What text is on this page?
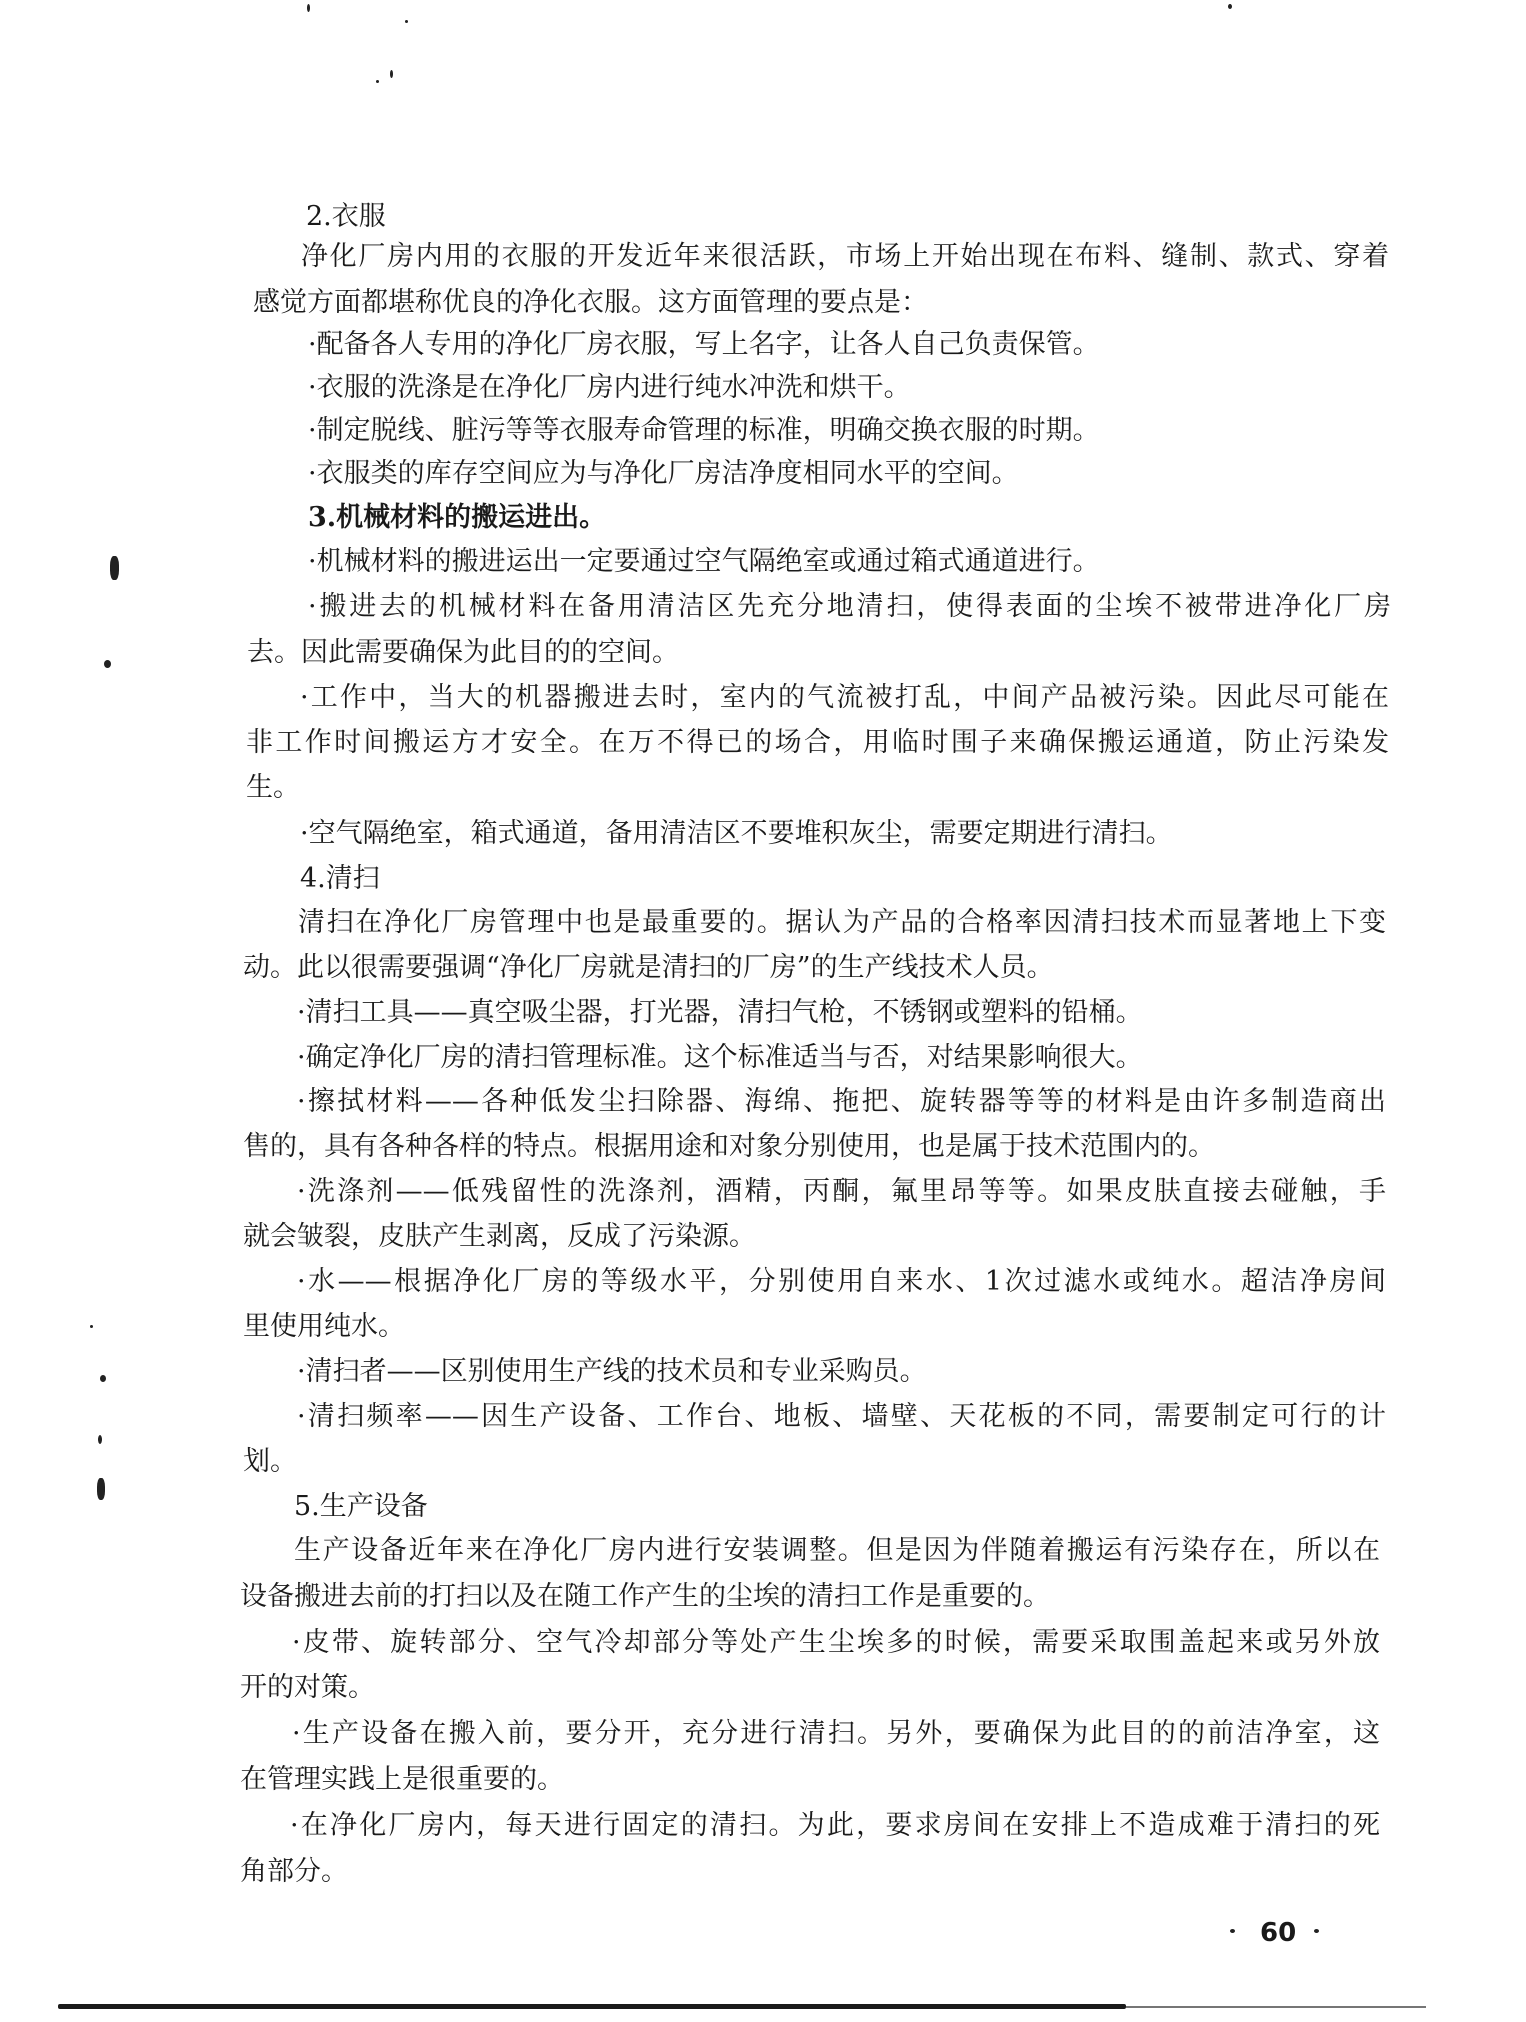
2.衣服

净化厂房内用的衣服的开发近年来很活跃，市场上开始出现在布料、缝制、款式、穿着

感觉方面都堪称优良的净化衣服。这方面管理的要点是：

·配备各人专用的净化厂房衣服，写上名字，让各人自己负责保管。

·衣服的洗涤是在净化厂房内进行纯水冲洗和烘干。

·制定脱线、脏污等等衣服寿命管理的标准，明确交换衣服的时期。

·衣服类的库存空间应为与净化厂房洁净度相同水平的空间。

3.机械材料的搬运进出。

·机械材料的搬进运出一定要通过空气隔绝室或通过箱式通道进行。

·搬进去的机械材料在备用清洁区先充分地清扫，使得表面的尘埃不被带进净化厂房

去。因此需要确保为此目的的空间。

·工作中，当大的机器搬进去时，室内的气流被打乱，中间产品被污染。因此尽可能在

非工作时间搬运方才安全。在万不得已的场合，用临时围子来确保搬运通道，防止污染发

生。

·空气隔绝室，箱式通道，备用清洁区不要堆积灰尘，需要定期进行清扫。

4.清扫

清扫在净化厂房管理中也是最重要的。据认为产品的合格率因清扫技术而显著地上下变

动。此以很需要强调“净化厂房就是清扫的厂房”的生产线技术人员。

·清扫工具——真空吸尘器，打光器，清扫气枪，不锈钢或塑料的铅桶。

·确定净化厂房的清扫管理标准。这个标准适当与否，对结果影响很大。

·擦拭材料——各种低发尘扫除器、海绵、拖把、旋转器等等的材料是由许多制造商出

售的，具有各种各样的特点。根据用途和对象分别使用，也是属于技术范围内的。

·洗涤剂——低残留性的洗涤剂，酒精，丙酮，氟里昂等等。如果皮肤直接去碰触，手

就会皱裂，皮肤产生剥离，反成了污染源。

·水——根据净化厂房的等级水平，分别使用自来水、1次过滤水或纯水。超洁净房间

里使用纯水。

·清扫者——区别使用生产线的技术员和专业采购员。

·清扫频率——因生产设备、工作台、地板、墙壁、天花板的不同，需要制定可行的计

划。

5.生产设备

生产设备近年来在净化厂房内进行安装调整。但是因为伴随着搬运有污染存在，所以在

设备搬进去前的打扫以及在随工作产生的尘埃的清扫工作是重要的。

·皮带、旋转部分、空气冷却部分等处产生尘埃多的时候，需要采取围盖起来或另外放

开的对策。

·生产设备在搬入前，要分开，充分进行清扫。另外，要确保为此目的的前洁净室，这

在管理实践上是很重要的。

·在净化厂房内，每天进行固定的清扫。为此，要求房间在安排上不造成难于清扫的死

角部分。

60
